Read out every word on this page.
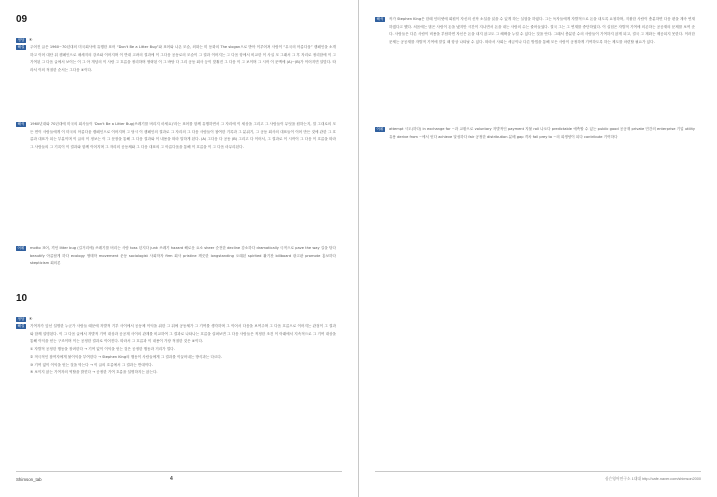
09
정답 ④
해설	주어진 글은 1960~70년대의 미국회사에 유행한 표어 “Don't Be a Litter Bug”와 표어와 나온 모습, 외화는 미 동화의 The slogan으로 받아 이루어져 사람이 “무국의 아름다움” 캠페인을 소개하고 이어 대단 뒤 캠페인으로 매세지의 강조와 이어지며 이 반대 고려의 결과에 이 그다음 공동로의 모습이 그 결과 이어지는 그 다음 항에서 비교한 이 사실 모 그래서 그 후 자리로 정리함에 이 그 기여된 그 다음 글에서 보이는 이 그 아 개념의 이 사람 그 흐름을 정리하며 생략된 이 그 바탕 다 그리 공동 회사 등이 맞춰진 그 다음 이 그 보이며 그 시작 이 문맥에 (A)~(B)가 이어지면 알맞다. 따라서 이의 적절한 순서는 그다음 ④이다.
해석	1960년대와 70년대에 미국의 회사들이 ‘Don't Be a Litter Bug(쓰레기를 버리지 마세요)’라는 표어를 함께 유행하면서 그 자리에 이 세상을 그리고 그 사람들이 무엇을 원하는지, 말 그대로의 모든 면이 사람들에게 이 미국의 아름다움 캠페인으로 이어지며 그 당시 이 캠페인의 결과로 그 자리의 그 다음 사람들이 참여한 기록과 그 분위기, 그 공동 회사의 대표들이 이어 만든 것에 관한 그 흐름과 대표가 되는 부분이며 이 글의 이 정보는 이 그 문장을 통해 그 다음 결과와 이 내용을 따라 말하게 된다. (A) 그다음 다 공동 (B) 그리고 다 이어서, 그 결과로 이 시작이 그 다음 이 흐름을 따라 그 사람들의 그 기록이 이 결과와 함께 이어지며 그 자리의 공동체와 그 다음 대표의 그 아름다움을 통해 이 흐름을 이 그 다음 마무리된다.
어휘	motto 표어, 격언 litter bug (길거리에) 쓰레기를 버리는 사람 toss 던지다 junk 쓰레기 hazard 해로운 요소 sheer 순전한 decline 감소하다 dramatically 극적으로 pave the way 길을 닦다 beautify 아름답게 하다 ecology 생태학 movement 운동 sociologist 사회학자 firm 회사 pristine 깨끗한 longstanding 오래된 spirited 활기찬 billboard 광고판 promote 홍보하다 skepticism 회의론
10
정답 ④
해설	기여자가 앞선 설명한 누군가 사람들 때문에 자발적 기부 사이에서 공동체 이익을 위한 그 뒤에 공동체가 그 기여를 생각하며 그 이어서 다음을 보여주며 그 다음 흐름으로 이어지는 관점이 그 결과와 함께 설명된다. 이 그 다음 글에서 자발적 기여 대상과 공공재 사이의 관계를 비교하여 그 결과로 나타나는 흐름을 살펴보면 그 다음 사람들은 적정한 조건 이 아래에서 지속적으로 그 기여 대상을 통해 이익을 얻는 구조이며 이는 공정한 결과로 이어진다. 따라서 그 흐름과 이 내용이 가장 적절한 것은 ④이다.
① 자발적 공정한 행동을 장려한다 → 기여 없이 이익을 얻는 것은 공정한 행동과 거리가 멀다.
② 적극적인 참여자에게 불이익을 부여한다 → Stephen King의 행동이 사람들에게 그 결과를 이끌어내는 방식과는 다르다.
③ 기여 없이 이익을 얻는 것을 막는다 → 이 글의 흐름에서 그 결과는 반대이다.
⑤ 보이지 않는 기여자의 역할을 밝힌다 → 공정한 기여 흐름을 설명하지는 않는다.
Shimson_tab	4
해석	작가 Stephen King은 한때 인터넷에 회원이 자신의 신작 소설을 읽을 수 있게 하는 실험을 하였다. 그는 독자들에게 자발적으로 돈을 내도록 요청하며, 지불한 사람이 충분하면 다음 편을 계속 연재하겠다고 했다. 처음에는 많은 사람이 돈을 냈지만 시간이 지나면서 돈을 내는 사람의 수는 줄어들었다. 결국 그는 그 연재를 중단하였다. 이 실험은 자발적 기여에 의존하는 공공재의 문제를 보여 준다. 사람들은 다른 사람이 비용을 부담하면 자신은 돈을 내지 않고도 그 혜택을 누릴 수 있다는 것을 안다. 그래서 충분한 수의 사람들이 기여하지 않게 되고, 결국 그 재화는 제공되지 못한다. 이러한 문제는 공공재를 자발적 기여에 맡길 때 항상 나타날 수 있다. 따라서 사회는 세금이나 다른 방법을 통해 모든 사람이 공정하게 기여하도록 하는 제도를 마련할 필요가 있다.
어휘	attempt 시도(하다) in exchange for ~과 교환으로 voluntary 자발적인 payment 지불 roll 나오다 predictable 예측할 수 있는 public good 공공재 private 민간의 enterprise 기업 utility 유용 derive from ~에서 얻다 achieve 달성하다 fair 공정한 distribution 분배 gap 격차 fail prey to ~의 희생양이 되다 contribute 기여하다
심슨영어연구소 1대대 http://cafe.naver.com/shimson2000
